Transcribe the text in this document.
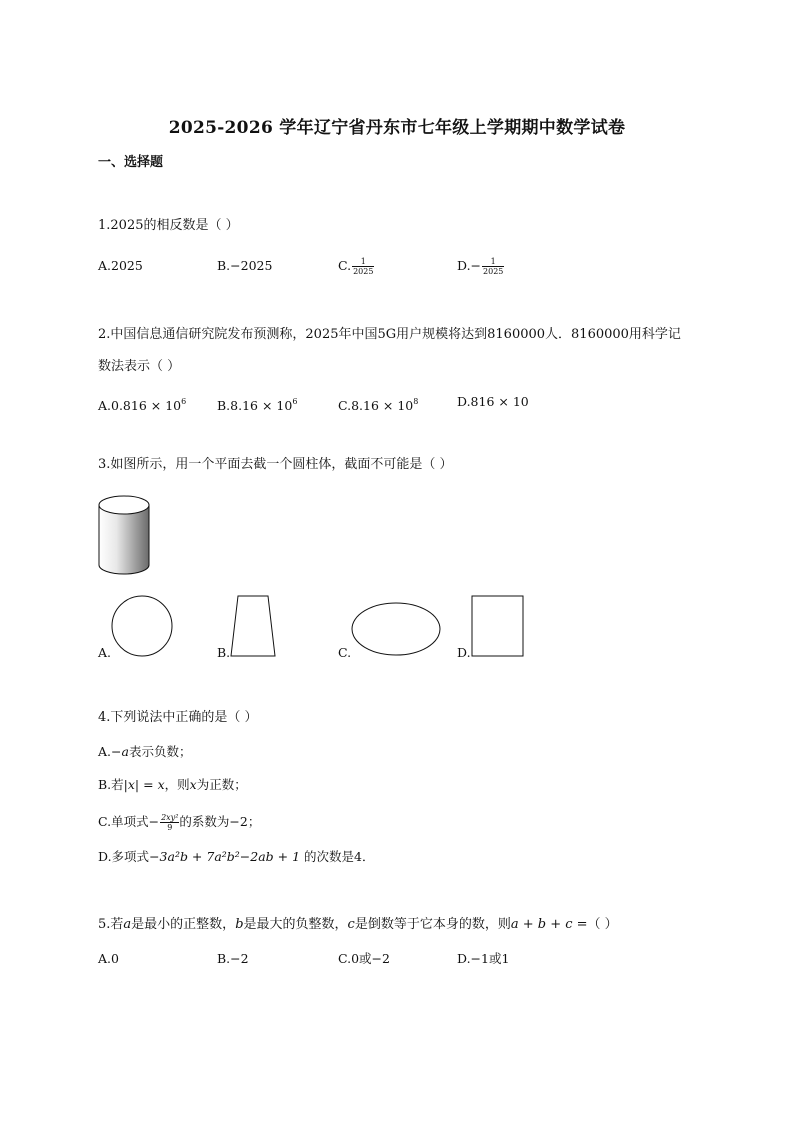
2025-2026 学年辽宁省丹东市七年级上学期期中数学试卷
一、选择题
1.2025的相反数是（ ）
A.2025	B.−2025	C. $\frac{1}{2025}$	$D.- \frac{1}{2025}$
2.中国信息通信研究院发布预测称，2025年中国5G用户规模将达到8160000人．8160000用科学记
数法表示（ ）
$A.0.816 \times 10^6$ $B.8.16 \times 10^6$	$C.8.16 \times 10^8$	D.816 × 10
3.如图所示，用一个平面去截一个圆柱体，截面不可能是（ ）
A.	B.	C.	D.
4.下列说法中正确的是（ ）
A.−a表示负数；
B.若|x| = x，则x为正数；
C.单项式− $\frac{\text{2xy²}}{9}$ 的系数为−2；
D.多项式−3a²b + 7a²b²−2ab + 1 的次数是4．
5.若a是最小的正整数，b是最大的负整数，c是倒数等于它本身的数，则a + b + c =（ ）
A.0	B.−2	C.0或−2	D.−1或1
